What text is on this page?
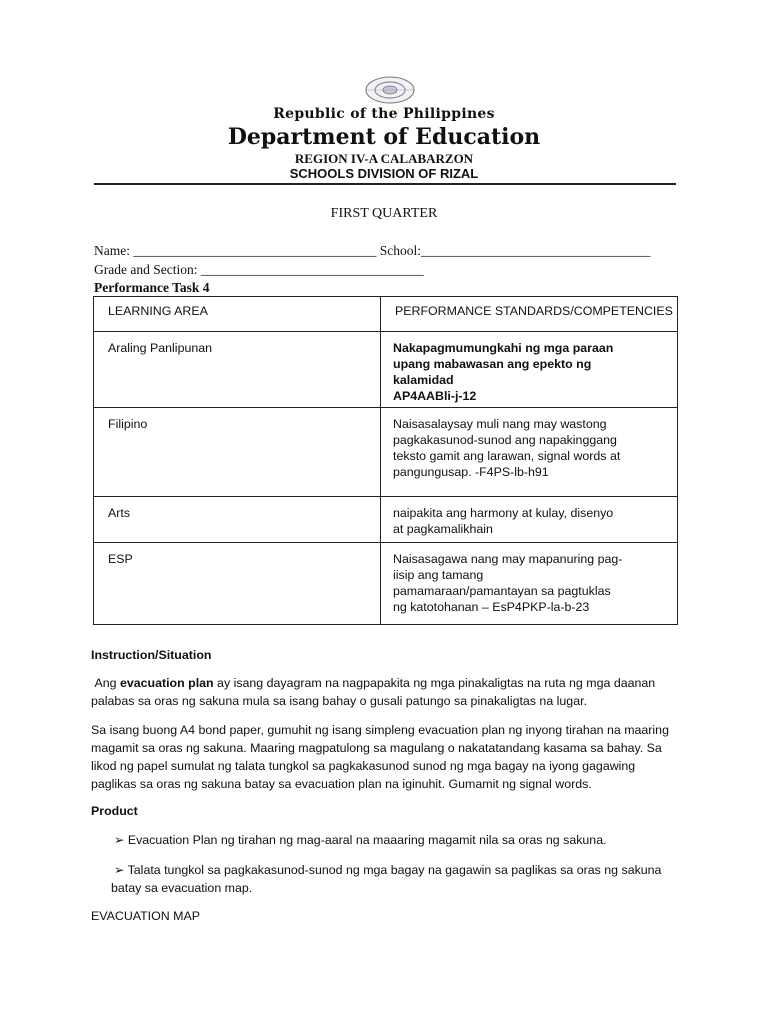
Republic of the Philippines
Department of Education
REGION IV-A CALABARZON
SCHOOLS DIVISION OF RIZAL
FIRST QUARTER
Name: ____________________________________ School:__________________________________
Grade and Section: _________________________________
Performance Task 4
LEARNING AREA	PERFORMANCE STANDARDS/COMPETENCIES
Araling Panlipunan	Nakapagmumungkahi ng mga paraan
upang mabawasan ang epekto ng
kalamidad
AP4AABli-j-12

Filipino	Naisasalaysay muli nang may wastong
pagkakasunod-sunod ang napakinggang
teksto gamit ang larawan, signal words at
pangungusap. -F4PS-lb-h91

Arts	naipakita ang harmony at kulay, disenyo
at pagkamalikhain

ESP	Naisasagawa nang may mapanuring pag-
iisip ang tamang
pamamaraan/pamantayan sa pagtuklas
ng katotohanan – EsP4PKP-la-b-23
Instruction/Situation
Ang evacuation plan ay isang dayagram na nagpapakita ng mga pinakaligtas na ruta ng mga daanan
palabas sa oras ng sakuna mula sa isang bahay o gusali patungo sa pinakaligtas na lugar.
Sa isang buong A4 bond paper, gumuhit ng isang simpleng evacuation plan ng inyong tirahan na maaring
magamit sa oras ng sakuna. Maaring magpatulong sa magulang o nakatatandang kasama sa bahay. Sa
likod ng papel sumulat ng talata tungkol sa pagkakasunod sunod ng mga bagay na iyong gagawing
paglikas sa oras ng sakuna batay sa evacuation plan na iginuhit. Gumamit ng signal words.
Product
➢ Evacuation Plan ng tirahan ng mag-aaral na maaaring magamit nila sa oras ng sakuna.
➢ Talata tungkol sa pagkakasunod-sunod ng mga bagay na gagawin sa paglikas sa oras ng sakuna
batay sa evacuation map.
EVACUATION MAP
